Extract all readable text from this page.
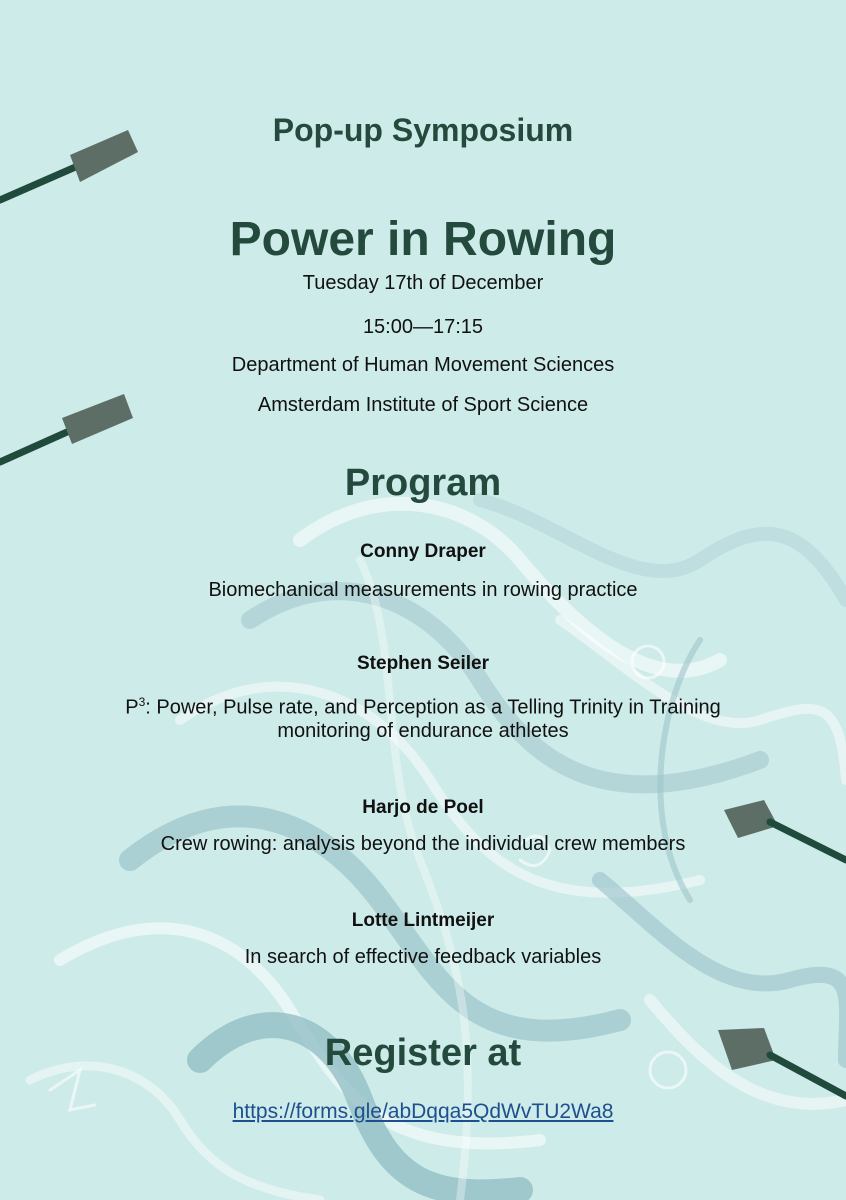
Pop-up Symposium
Power in Rowing
Tuesday 17th of December
15:00—17:15
Department of Human Movement Sciences
Amsterdam Institute of Sport Science
Program
Conny Draper
Biomechanical measurements in rowing practice
Stephen Seiler
$P^3$: Power, Pulse rate, and Perception as a Telling Trinity in Training
monitoring of endurance athletes
Harjo de Poel
Crew rowing: analysis beyond the individual crew members
Lotte Lintmeijer
In search of effective feedback variables
Register at
https://forms.gle/abDqqa5QdWvTU2Wa8
